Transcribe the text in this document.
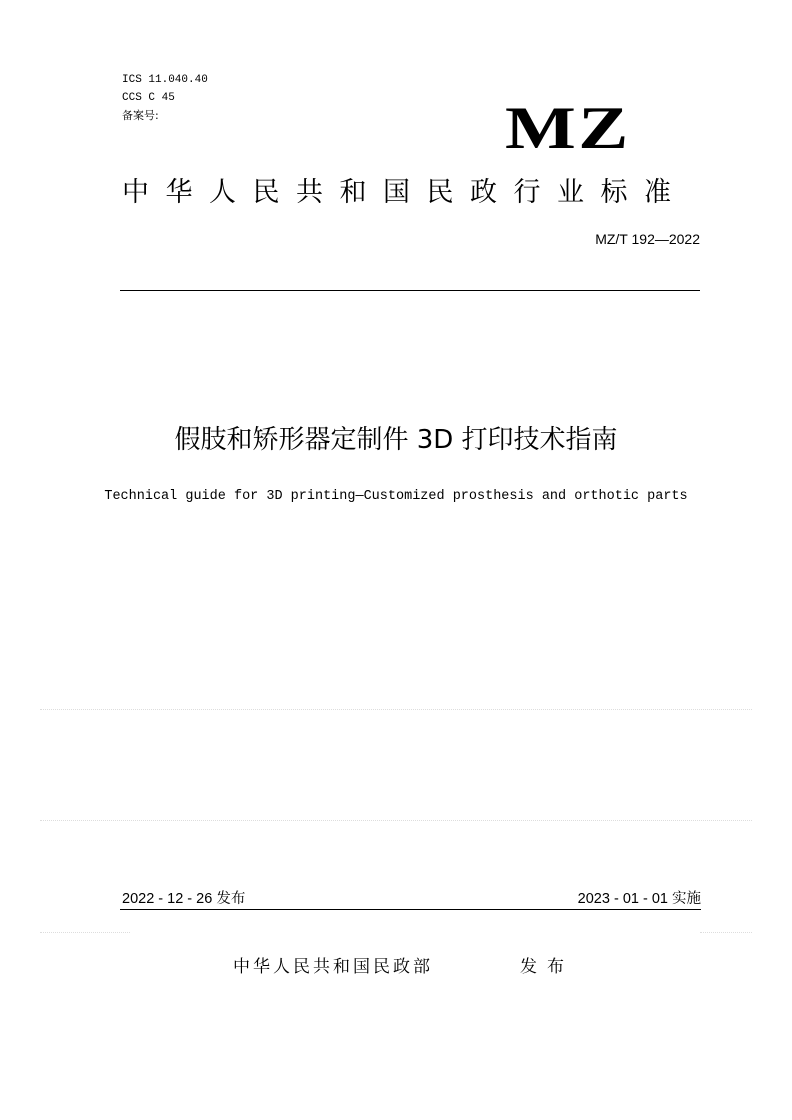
ICS 11.040.40
CCS C 45
备案号:	MZ
中华人民共和国民政行业标准
MZ/T 192—2022
假肢和矫形器定制件 3D 打印技术指南
Technical guide for 3D printing—Customized prosthesis and orthotic parts
2022 - 12 - 26 发布	2023 - 01 - 01 实施
中华人民共和国民政部	发布
